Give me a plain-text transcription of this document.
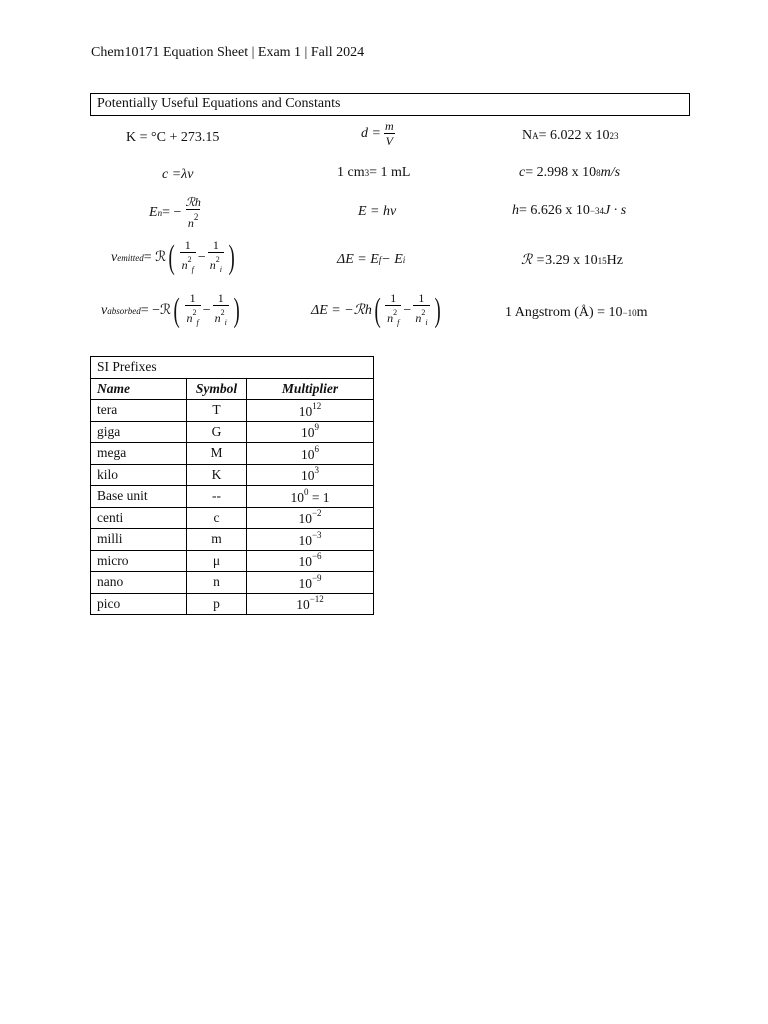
Chem10171 Equation Sheet | Exam 1 | Fall 2024
Potentially Useful Equations and Constants
K = °C + 273.15	$d = \frac{m}{V}$	N A = 6.022 x 10 23
c = λν	1 cm 3 = 1 mL	c = 2.998 x 10 8 m/s
E n = − $\frac{\text{ℛh}}{n^2}$	E = hν	h = 6.626 x 10 −34 J · s
ν emitted = ℛ ( $\frac{1}{n^2_f} - \frac{1}{n^2_i}$ )	ΔE = E f − E i	ℛ = 3.29 x 10 15 Hz
ν absorbed = −ℛ ( $\frac{1}{n^2_f} - \frac{1}{n^2_i}$ )	ΔE = −ℛh ( $\frac{1}{n^2_f} - \frac{1}{n^2_i}$ )	1 Angstrom (Å) = 10 −10 m
SI Prefixes		
Name	Symbol	Multiplier
tera	T	$10^{12}$
giga	G	$10^9$
mega	M	$10^6$
kilo	K	$10^3$
Base unit	--	$10^0 = 1$
centi	c	$10^{-2}$
milli	m	$10^{-3}$
micro	μ	$10^{-6}$
nano	n	$10^{-9}$
pico	p	$10^{-12}$
